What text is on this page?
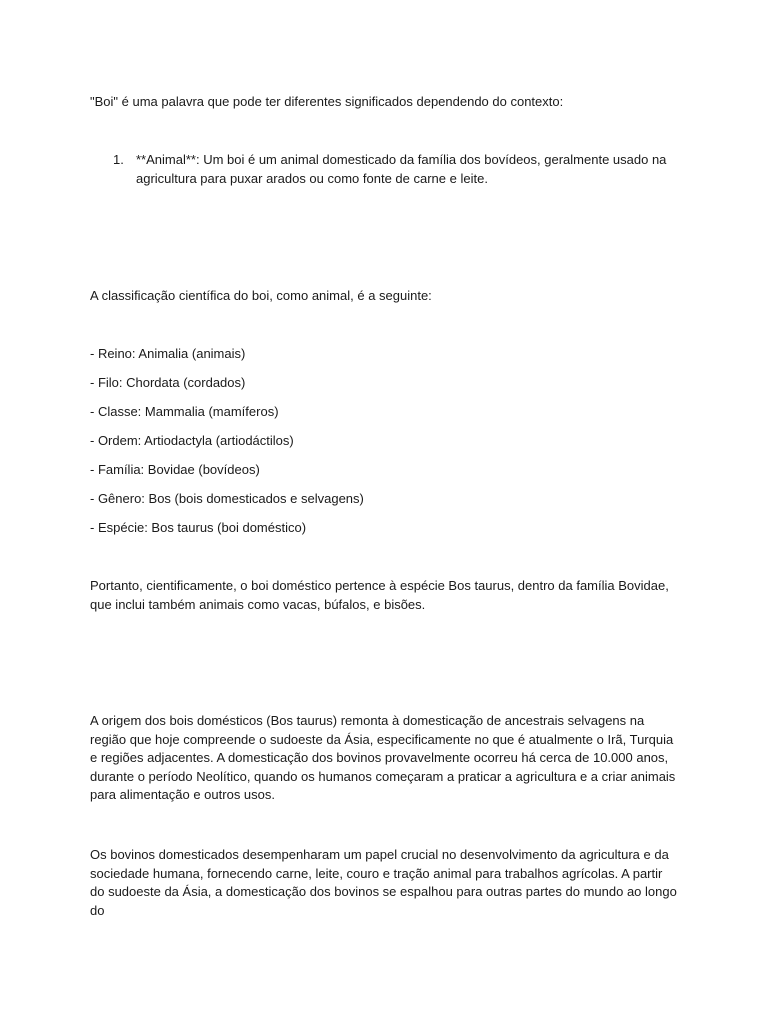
"Boi" é uma palavra que pode ter diferentes significados dependendo do contexto:

1. **Animal**: Um boi é um animal domesticado da família dos bovídeos, geralmente usado na agricultura para puxar arados ou como fonte de carne e leite.

A classificação científica do boi, como animal, é a seguinte:

- Reino: Animalia (animais)
- Filo: Chordata (cordados)
- Classe: Mammalia (mamíferos)
- Ordem: Artiodactyla (artiodáctilos)
- Família: Bovidae (bovídeos)
- Gênero: Bos (bois domesticados e selvagens)
- Espécie: Bos taurus (boi doméstico)

Portanto, cientificamente, o boi doméstico pertence à espécie Bos taurus, dentro da família Bovidae, que inclui também animais como vacas, búfalos, e bisões.

A origem dos bois domésticos (Bos taurus) remonta à domesticação de ancestrais selvagens na região que hoje compreende o sudoeste da Ásia, especificamente no que é atualmente o Irã, Turquia e regiões adjacentes. A domesticação dos bovinos provavelmente ocorreu há cerca de 10.000 anos, durante o período Neolítico, quando os humanos começaram a praticar a agricultura e a criar animais para alimentação e outros usos.

Os bovinos domesticados desempenharam um papel crucial no desenvolvimento da agricultura e da sociedade humana, fornecendo carne, leite, couro e tração animal para trabalhos agrícolas. A partir do sudoeste da Ásia, a domesticação dos bovinos se espalhou para outras partes do mundo ao longo do
